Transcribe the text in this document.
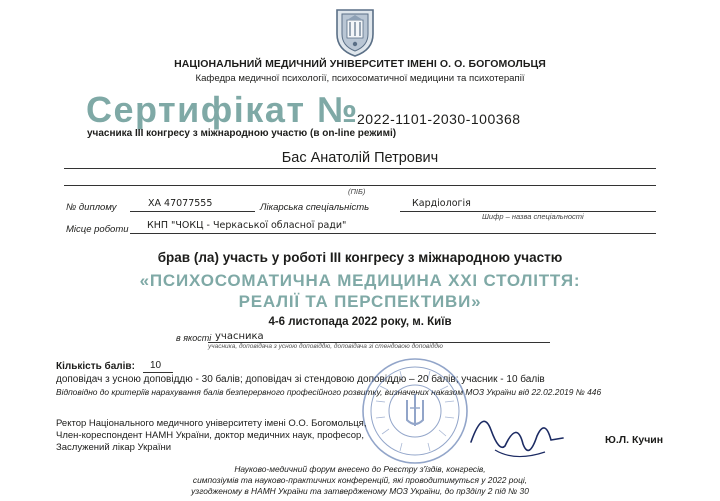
НАЦІОНАЛЬНИЙ МЕДИЧНИЙ УНІВЕРСИТЕТ ІМЕНІ О. О. БОГОМОЛЬЦЯ
Кафедра медичної психології, психосоматичної медицини та психотерапії
Сертифікат №
2022-1101-2030-100368
учасника ІІІ конгресу з міжнародною участю (в on-line режимі)
Бас Анатолій Петрович
(ПІБ)
№ диплому	ХА 47077555	Лікарська спеціальність	Кардіологія
Шифр – назва спеціальності
Місце роботи КНП "ЧОКЦ - Черкаської обласної ради"
брав (ла) участь у роботі ІІІ конгресу з міжнародною участю
«ПСИХОСОМАТИЧНА МЕДИЦИНА ХХІ СТОЛІТТЯ:
РЕАЛІЇ ТА ПЕРСПЕКТИВИ»
4-6 листопада 2022 року, м. Київ
в якості учасника
учасника, доповідача з усною доповіддю, доповідача зі стендовою доповіддю
Кількість балів: 10
доповідач з усною доповіддю - 30 балів; доповідач зі стендовою доповіддю – 20 балів; учасник - 10 балів
Відповідно до критеріїв нарахування балів безперервного професійного розвитку, визначених наказом МОЗ України від 22.02.2019 № 446
Ректор Національного медичного університету імені О.О. Богомольця,
Член-кореспондент НАМН України, доктор медичних наук, професор,
Заслужений лікар України
Ю.Л. Кучин
Науково-медичний форум внесено до Реєстру з'їздів, конгресів,
симпозіумів та науково-практичних конференцій, які проводитимуться у 2022 році,
узгодженому в НАМН України та затвердженому МОЗ України, до пр3ділу 2 під № 30
